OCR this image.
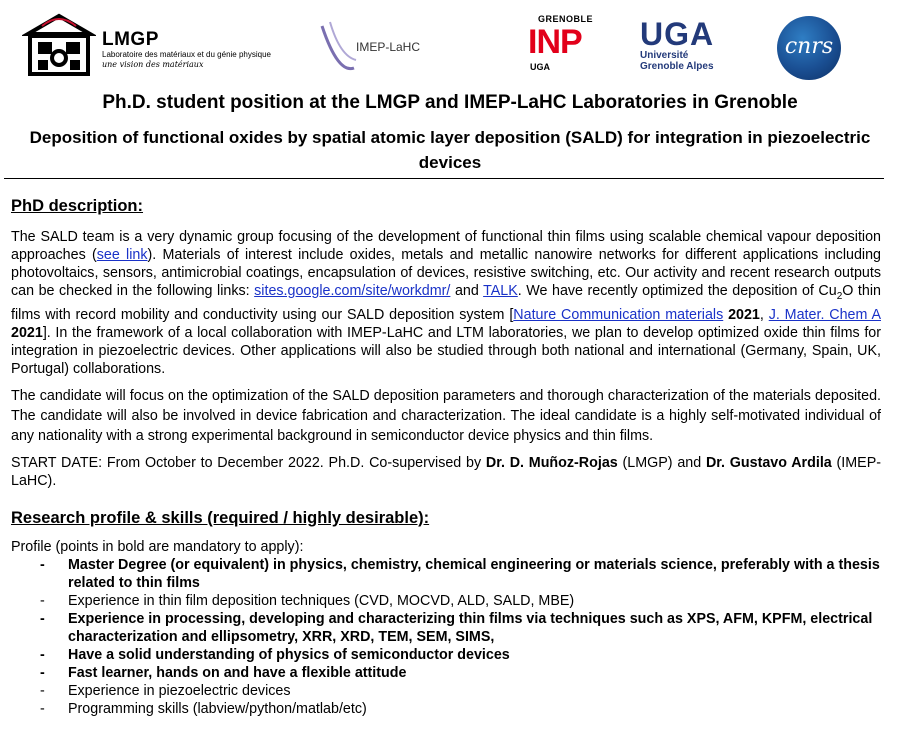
LMGP
Laboratoire des matériaux et du génie physique
une vision des matériaux
IMEP-LaHC
GRENOBLE
INP
UGA
UGA
Université
Grenoble Alpes
cnrs
Ph.D. student position at the LMGP and IMEP-LaHC Laboratories in Grenoble
Deposition of functional oxides by spatial atomic layer deposition (SALD) for integration in piezoelectric devices
PhD description:

The SALD team is a very dynamic group focusing of the development of functional thin films using scalable chemical vapour deposition approaches (see link). Materials of interest include oxides, metals and metallic nanowire networks for different applications including photovoltaics, sensors, antimicrobial coatings, encapsulation of devices, resistive switching, etc. Our activity and recent research outputs can be checked in the following links: sites.google.com/site/workdmr/ and TALK. We have recently optimized the deposition of $Cu_2O$ thin films with record mobility and conductivity using our SALD deposition system [Nature Communication materials 2021, J. Mater. Chem A 2021]. In the framework of a local collaboration with IMEP-LaHC and LTM laboratories, we plan to develop optimized oxide thin films for integration in piezoelectric devices. Other applications will also be studied through both national and international (Germany, Spain, UK, Portugal) collaborations.

The candidate will focus on the optimization of the SALD deposition parameters and thorough characterization of the materials deposited. The candidate will also be involved in device fabrication and characterization. The ideal candidate is a highly self-motivated individual of any nationality with a strong experimental background in semiconductor device physics and thin films.

START DATE: From October to December 2022. Ph.D. Co-supervised by Dr. D. Muñoz-Rojas (LMGP) and Dr. Gustavo Ardila (IMEP-LaHC).

Research profile & skills (required / highly desirable):
Profile (points in bold are mandatory to apply):
- Master Degree (or equivalent) in physics, chemistry, chemical engineering or materials science, preferably with a thesis related to thin films
- Experience in thin film deposition techniques (CVD, MOCVD, ALD, SALD, MBE)
- Experience in processing, developing and characterizing thin films via techniques such as XPS, AFM, KPFM, electrical characterization and ellipsometry, XRR, XRD, TEM, SEM, SIMS,
- Have a solid understanding of physics of semiconductor devices
- Fast learner, hands on and have a flexible attitude
- Experience in piezoelectric devices
- Programming skills (labview/python/matlab/etc)
